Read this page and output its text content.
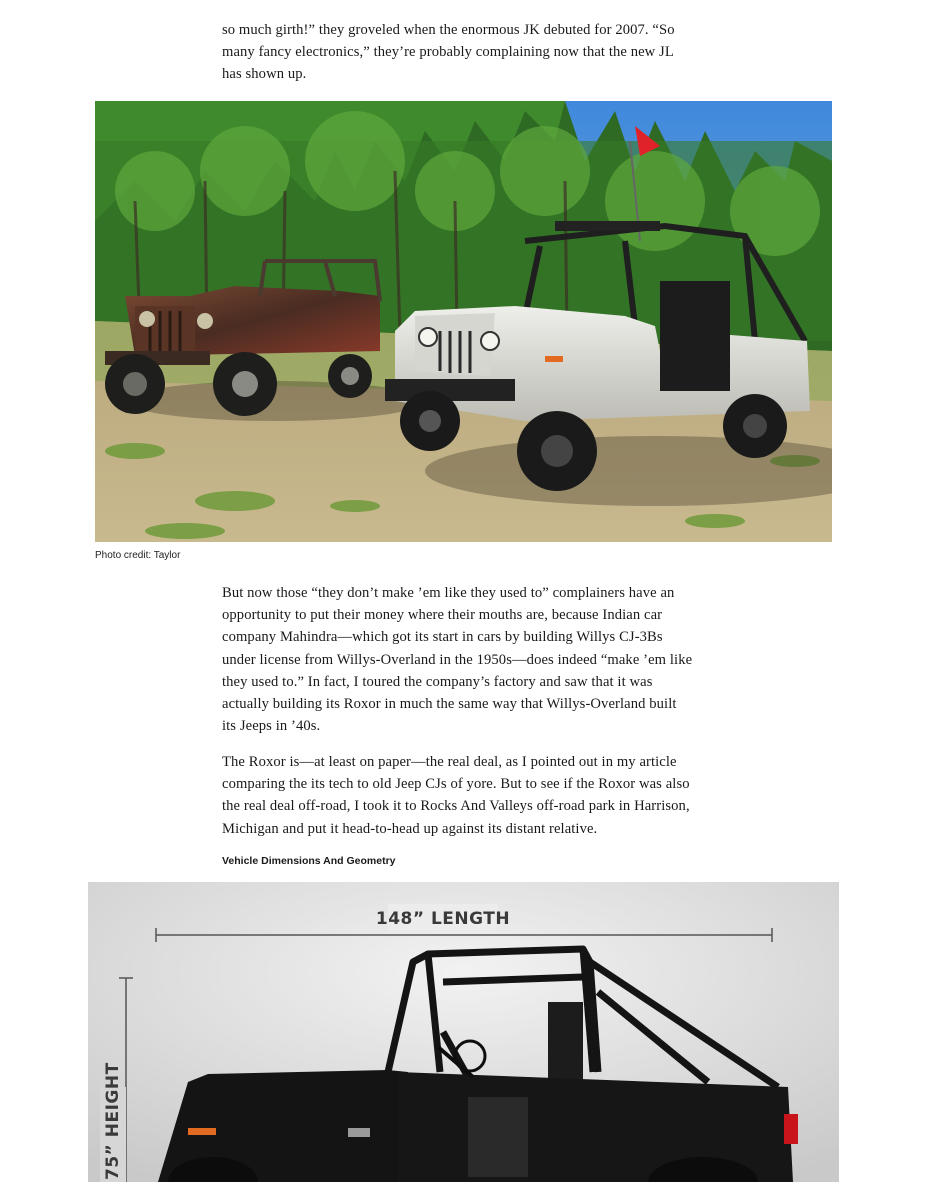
so much girth!” they groveled when the enormous JK debuted for 2007. “So
many fancy electronics,” they’re probably complaining now that the new JL
has shown up.

Photo credit: Taylor

But now those “they don’t make ’em like they used to” complainers have an
opportunity to put their money where their mouths are, because Indian car
company Mahindra—which got its start in cars by building Willys CJ-3Bs
under license from Willys-Overland in the 1950s—does indeed “make ’em like
they used to.” In fact, I toured the company’s factory and saw that it was
actually building its Roxor in much the same way that Willys-Overland built
its Jeeps in ’40s.

The Roxor is—at least on paper—the real deal, as I pointed out in my article
comparing the its tech to old Jeep CJs of yore. But to see if the Roxor was also
the real deal off-road, I took it to Rocks And Valleys off-road park in Harrison,
Michigan and put it head-to-head up against its distant relative.

Vehicle Dimensions And Geometry

148” LENGTH
75” HEIGHT
